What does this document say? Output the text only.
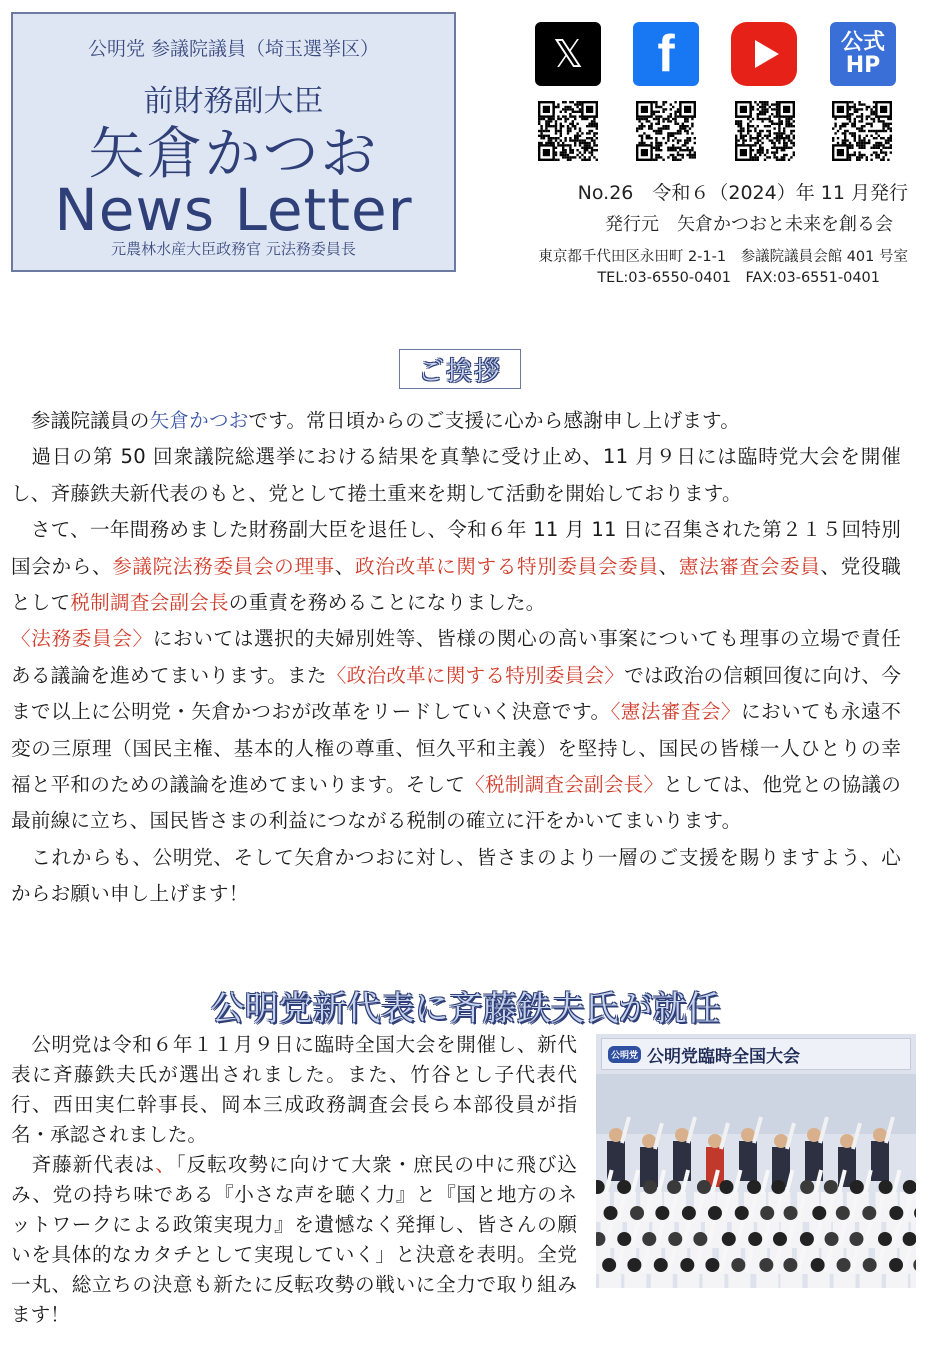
公明党 参議院議員（埼玉選挙区）
前財務副大臣
矢倉かつお
News Letter
元農林水産大臣政務官 元法務委員長
𝕏 f	公式
HP
No.26　令和６（2024）年 11 月発行
発行元　矢倉かつおと未来を創る会
東京都千代田区永田町 2-1-1　参議院議員会館 401 号室
TEL:03-6550-0401　FAX:03-6551-0401
ご挨拶

　参議院議員の矢倉かつおです。常日頃からのご支援に心から感謝申し上げます。

　過日の第 50 回衆議院総選挙における結果を真摯に受け止め、11 月９日には臨時党大会を開催し、斉藤鉄夫新代表のもと、党として捲土重来を期して活動を開始しております。

　さて、一年間務めました財務副大臣を退任し、令和６年 11 月 11 日に召集された第２１５回特別国会から、参議院法務委員会の理事、政治改革に関する特別委員会委員、憲法審査会委員、党役職として税制調査会副会長の重責を務めることになりました。

〈法務委員会〉においては選択的夫婦別姓等、皆様の関心の高い事案についても理事の立場で責任ある議論を進めてまいります。また〈政治改革に関する特別委員会〉では政治の信頼回復に向け、今まで以上に公明党・矢倉かつおが改革をリードしていく決意です。〈憲法審査会〉においても永遠不変の三原理（国民主権、基本的人権の尊重、恒久平和主義）を堅持し、国民の皆様一人ひとりの幸福と平和のための議論を進めてまいります。そして〈税制調査会副会長〉としては、他党との協議の最前線に立ち、国民皆さまの利益につながる税制の確立に汗をかいてまいります。

　これからも、公明党、そして矢倉かつおに対し、皆さまのより一層のご支援を賜りますよう、心からお願い申し上げます！

公明党新代表に斉藤鉄夫氏が就任

　公明党は令和６年１１月９日に臨時全国大会を開催し、新代表に斉藤鉄夫氏が選出されました。また、竹谷とし子代表代行、西田実仁幹事長、岡本三成政務調査会長ら本部役員が指名・承認されました。

　斉藤新代表は、「反転攻勢に向けて大衆・庶民の中に飛び込み、党の持ち味である『小さな声を聴く力』と『国と地方のネットワークによる政策実現力』を遺憾なく発揮し、皆さんの願いを具体的なカタチとして実現していく」と決意を表明。全党一丸、総立ちの決意も新たに反転攻勢の戦いに全力で取り組みます！

公明党 公明党臨時全国大会
